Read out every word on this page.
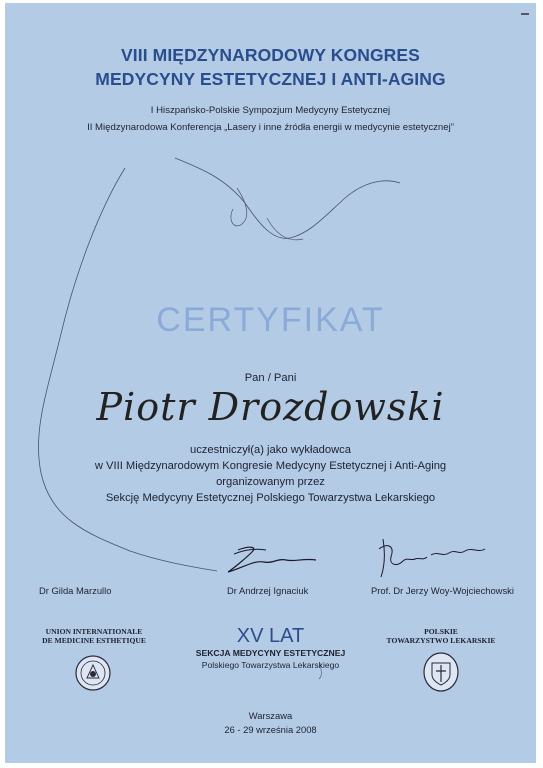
VIII MIĘDZYNARODOWY KONGRES
MEDYCYNY ESTETYCZNEJ I ANTI-AGING
I Hiszpańsko-Polskie Sympozjum Medycyny Estetycznej
II Międzynarodowa Konferencja „Lasery i inne źródła energii w medycynie estetycznej”
CERTYFIKAT
Pan / Pani
Piotr Drozdowski
uczestniczył(a) jako wykładowca
w VIII Międzynarodowym Kongresie Medycyny Estetycznej i Anti-Aging
organizowanym przez
Sekcję Medycyny Estetycznej Polskiego Towarzystwa Lekarskiego
Dr Gilda Marzullo	Dr Andrzej Ignaciuk	Prof. Dr Jerzy Woy-Wojciechowski
UNION INTERNATIONALE
DE MEDICINE ESTHETIQUE	XV LAT
SEKCJA MEDYCYNY ESTETYCZNEJ
Polskiego Towarzystwa Lekarskiego
POLSKIE
TOWARZYSTWO LEKARSKIE
Warszawa
26 - 29 września 2008
